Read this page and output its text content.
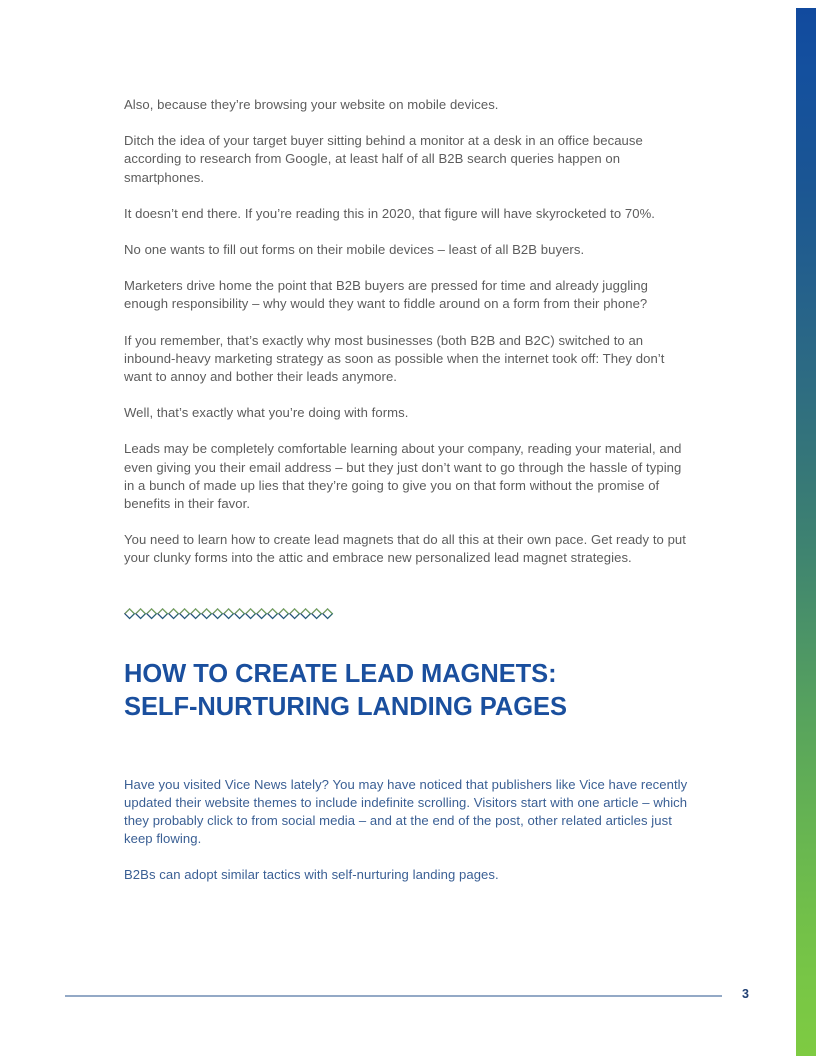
Also, because they’re browsing your website on mobile devices.

Ditch the idea of your target buyer sitting behind a monitor at a desk in an office because according to research from Google, at least half of all B2B search queries happen on smartphones.

It doesn’t end there. If you’re reading this in 2020, that figure will have skyrocketed to 70%.

No one wants to fill out forms on their mobile devices – least of all B2B buyers.

Marketers drive home the point that B2B buyers are pressed for time and already juggling enough responsibility – why would they want to fiddle around on a form from their phone?

If you remember, that’s exactly why most businesses (both B2B and B2C) switched to an inbound-heavy marketing strategy as soon as possible when the internet took off: They don’t want to annoy and bother their leads anymore.

Well, that’s exactly what you’re doing with forms.

Leads may be completely comfortable learning about your company, reading your material, and even giving you their email address – but they just don’t want to go through the hassle of typing in a bunch of made up lies that they’re going to give you on that form without the promise of benefits in their favor.

You need to learn how to create lead magnets that do all this at their own pace. Get ready to put your clunky forms into the attic and embrace new personalized lead magnet strategies.

HOW TO CREATE LEAD MAGNETS:
SELF-NURTURING LANDING PAGES

Have you visited Vice News lately? You may have noticed that publishers like Vice have recently updated their website themes to include indefinite scrolling. Visitors start with one article – which they probably click to from social media – and at the end of the post, other related articles just keep flowing.

B2Bs can adopt similar tactics with self-nurturing landing pages.

3
